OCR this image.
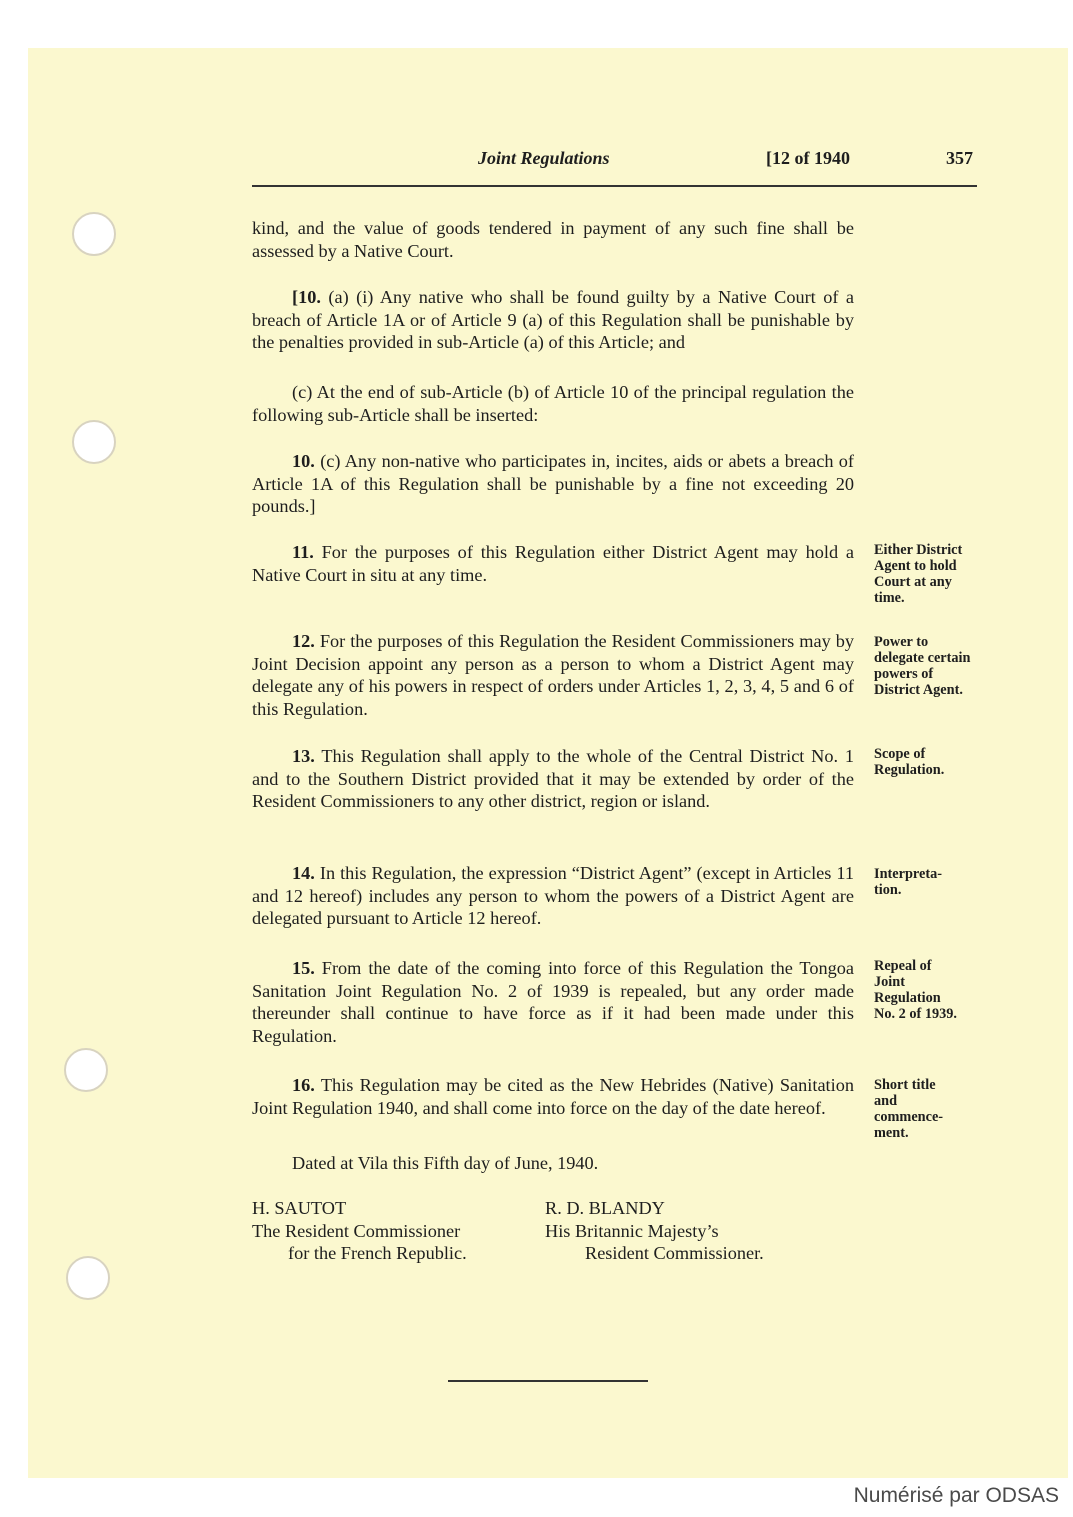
Joint Regulations	[12 of 1940	357

kind, and the value of goods tendered in payment of any such fine shall be assessed by a Native Court.

[10. (a) (i) Any native who shall be found guilty by a Native Court of a breach of Article 1A or of Article 9 (a) of this Regulation shall be punishable by the penalties provided in sub-Article (a) of this Article; and

(c) At the end of sub-Article (b) of Article 10 of the principal regulation the following sub-Article shall be inserted:

10. (c) Any non-native who participates in, incites, aids or abets a breach of Article 1A of this Regulation shall be punishable by a fine not exceeding 20 pounds.]

11. For the purposes of this Regulation either District Agent may hold a Native Court in situ at any time.

Either District Agent to hold Court at any time.

12. For the purposes of this Regulation the Resident Commissioners may by Joint Decision appoint any person as a person to whom a District Agent may delegate any of his powers in respect of orders under Articles 1, 2, 3, 4, 5 and 6 of this Regulation.

Power to delegate certain powers of District Agent.

13. This Regulation shall apply to the whole of the Central District No. 1 and to the Southern District provided that it may be extended by order of the Resident Commissioners to any other district, region or island.

Scope of Regulation.

14. In this Regulation, the expression “District Agent” (except in Articles 11 and 12 hereof) includes any person to whom the powers of a District Agent are delegated pursuant to Article 12 hereof.

Interpreta-tion.

15. From the date of the coming into force of this Regulation the Tongoa Sanitation Joint Regulation No. 2 of 1939 is repealed, but any order made thereunder shall continue to have force as if it had been made under this Regulation.

Repeal of Joint Regulation No. 2 of 1939.

16. This Regulation may be cited as the New Hebrides (Native) Sanitation Joint Regulation 1940, and shall come into force on the day of the date hereof.

Short title and commence-ment.

Dated at Vila this Fifth day of June, 1940.

H. SAUTOT
The Resident Commissioner
for the French Republic.
R. D. BLANDY
His Britannic Majesty’s
Resident Commissioner.
Numérisé par ODSAS
